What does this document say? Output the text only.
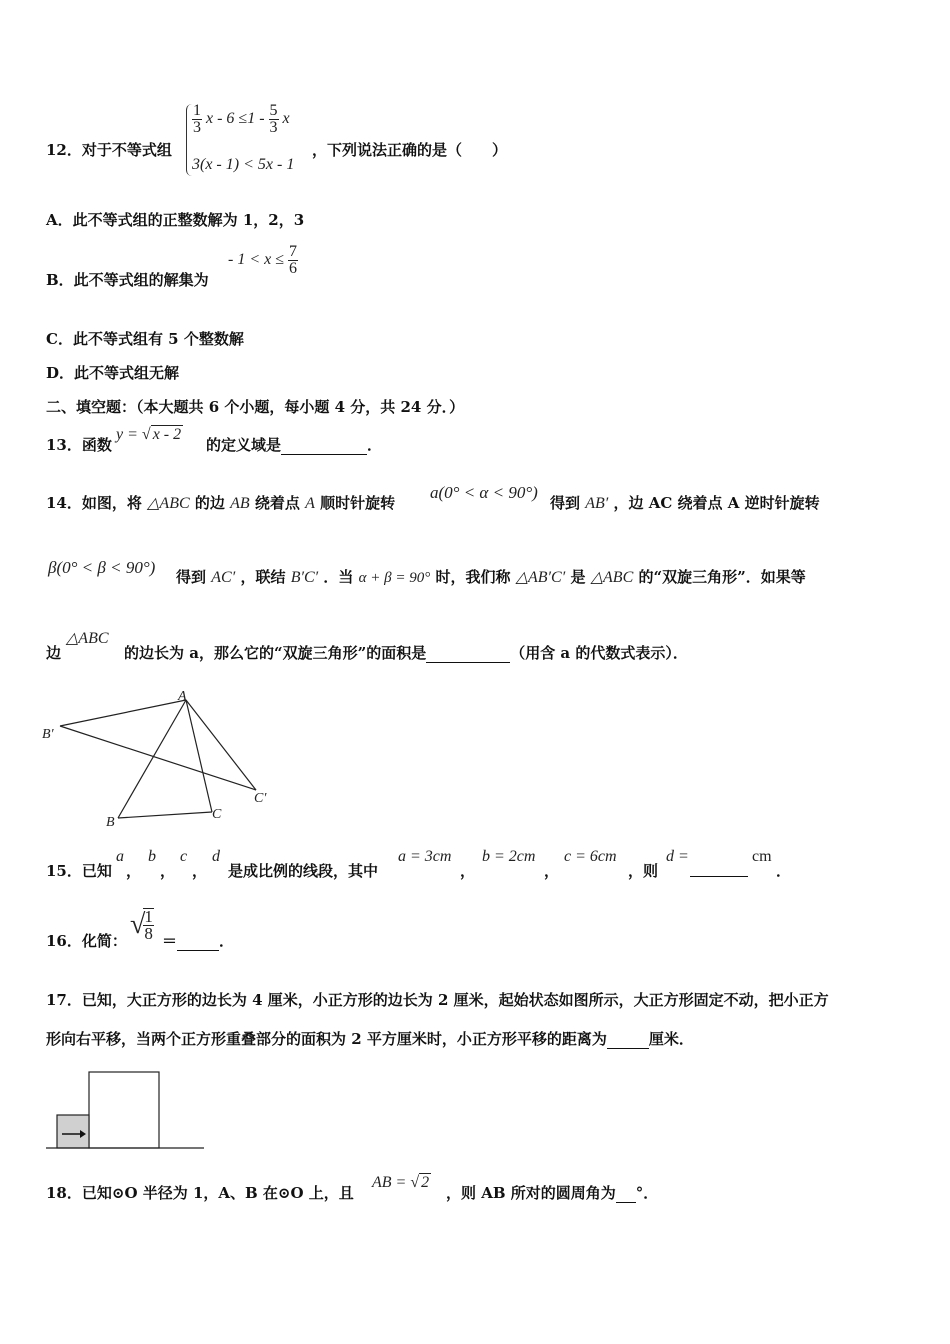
12．对于不等式组
$\frac{1}{3}$ $x - 6 \le 1 - \frac{5}{3}$ x
3(x - 1) < 5x - 1
，下列说法正确的是（　　）
A．此不等式组的正整数解为 1，2，3
B．此不等式组的解集为
- $1 < x \le \frac{7}{6}$
C．此不等式组有 5 个整数解
D．此不等式组无解
二、填空题：（本大题共 6 个小题，每小题 4 分，共 24 分．）
13．函数
y = √ x - 2
的定义域是	．
14．如图，将 △ABC 的边 AB 绕着点 A 顺时针旋转
a(0° < α < 90°)
得到 AB′ ，边 AC 绕着点 A 逆时针旋转
β(0° < β < 90°) 得到 AC′ ，联结 B′C′ ．当 α + β = 90° 时，我们称 △AB′C′ 是 △ABC 的“双旋三角形”．如果等
边
△ABC
的边长为 a，那么它的“双旋三角形”的面积是	（用含 a 的代数式表示）．
A
B′
C′
B
C
15．已知
a
，
b
，
c
，
d
是成比例的线段，其中
a = 3cm
，
b = 2cm
，
c = 6cm
，则
d =	cm
．
16．化简：
√
$\frac{1}{8}$ ＝	．
17．已知，大正方形的边长为 4 厘米，小正方形的边长为 2 厘米，起始状态如图所示，大正方形固定不动，把小正方
形向右平移，当两个正方形重叠部分的面积为 2 平方厘米时，小正方形平移的距离为	厘米．
18．已知⊙O 半径为 1，A、B 在⊙O 上，且
AB = √ 2
，则 AB 所对的圆周角为 °．
